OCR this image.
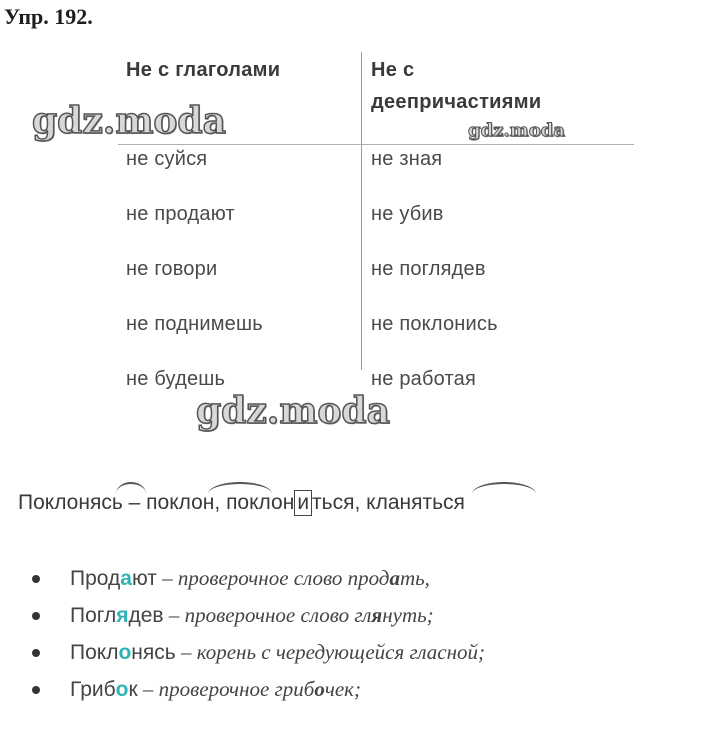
Упр. 192.
Не с глаголами	Не с
деепричастиями
не суйся	не зная
не продают	не убив
не говори	не поглядев
не поднимешь	не поклонись
не будешь	не работая
gdz.moda	gdz.moda
gdz.moda
Поклонясь – поклон, поклон и ться, кланяться
Продают – проверочное слово продать,
Поглядев – проверочное слово глянуть;
Поклонясь – корень с чередующейся гласной;
Грибок – проверочное грибочек;
